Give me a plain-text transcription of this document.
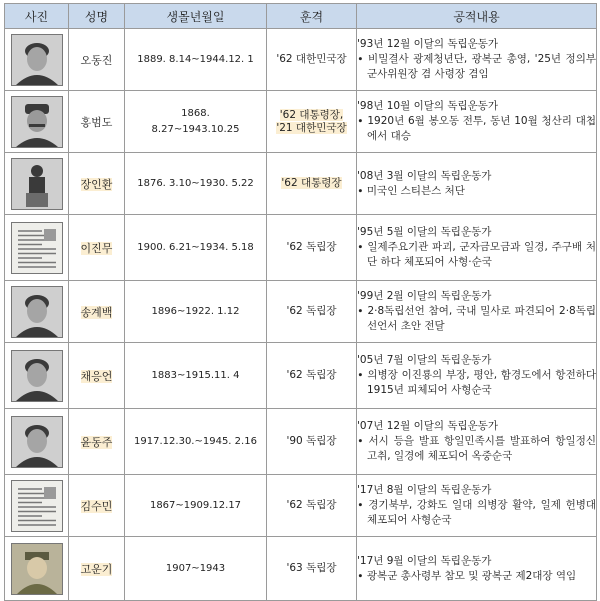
사진	성명	생몰년월일	훈격	공적내용

	오동진	1889. 8.14~1944.12. 1	'62 대한민국장	'93년 12월 이달의 독립운동가
∙ 비밀결사 광제청년단, 광복군 총영, '25년 정의부 군사위원장 겸 사령장 겸임

	홍범도	1868.
8.27~1943.10.25	'62 대통령장,
'21 대한민국장	'98년 10월 이달의 독립운동가
∙ 1920년 6월 봉오동 전투, 동년 10월 청산리 대첩에서 대승

	장인환	1876. 3.10~1930. 5.22	'62 대통령장	'08년 3월 이달의 독립운동가
∙ 미국인 스티븐스 처단

	이진무	1900. 6.21~1934. 5.18	'62 독립장	'95년 5월 이달의 독립운동가
∙ 일제주요기관 파괴, 군자금모금과 일경, 주구배 처단 하다 체포되어 사형·순국

	송계백	1896~1922. 1.12	'62 독립장	'99년 2월 이달의 독립운동가
∙ 2·8독립선언 참여, 국내 밀사로 파견되어 2·8독립선언서 초안 전달

	채응언	1883~1915.11. 4	'62 독립장	'05년 7월 이달의 독립운동가
∙ 의병장 이진룡의 부장, 평안, 함경도에서 항전하다 1915년 피체되어 사형순국

	윤동주	1917.12.30.~1945. 2.16	'90 독립장	'07년 12월 이달의 독립운동가
∙ 서시 등을 발표 항일민족시를 발표하여 항일정신 고취, 일경에 체포되어 옥중순국

	김수민	1867~1909.12.17	'62 독립장	'17년 8월 이달의 독립운동가
∙ 경기북부, 강화도 일대 의병장 활약, 일제 헌병대 체포되어 사형순국

	고운기	1907~1943	'63 독립장	'17년 9월 이달의 독립운동가
∙ 광복군 총사령부 참모 및 광복군 제2대장 역임
